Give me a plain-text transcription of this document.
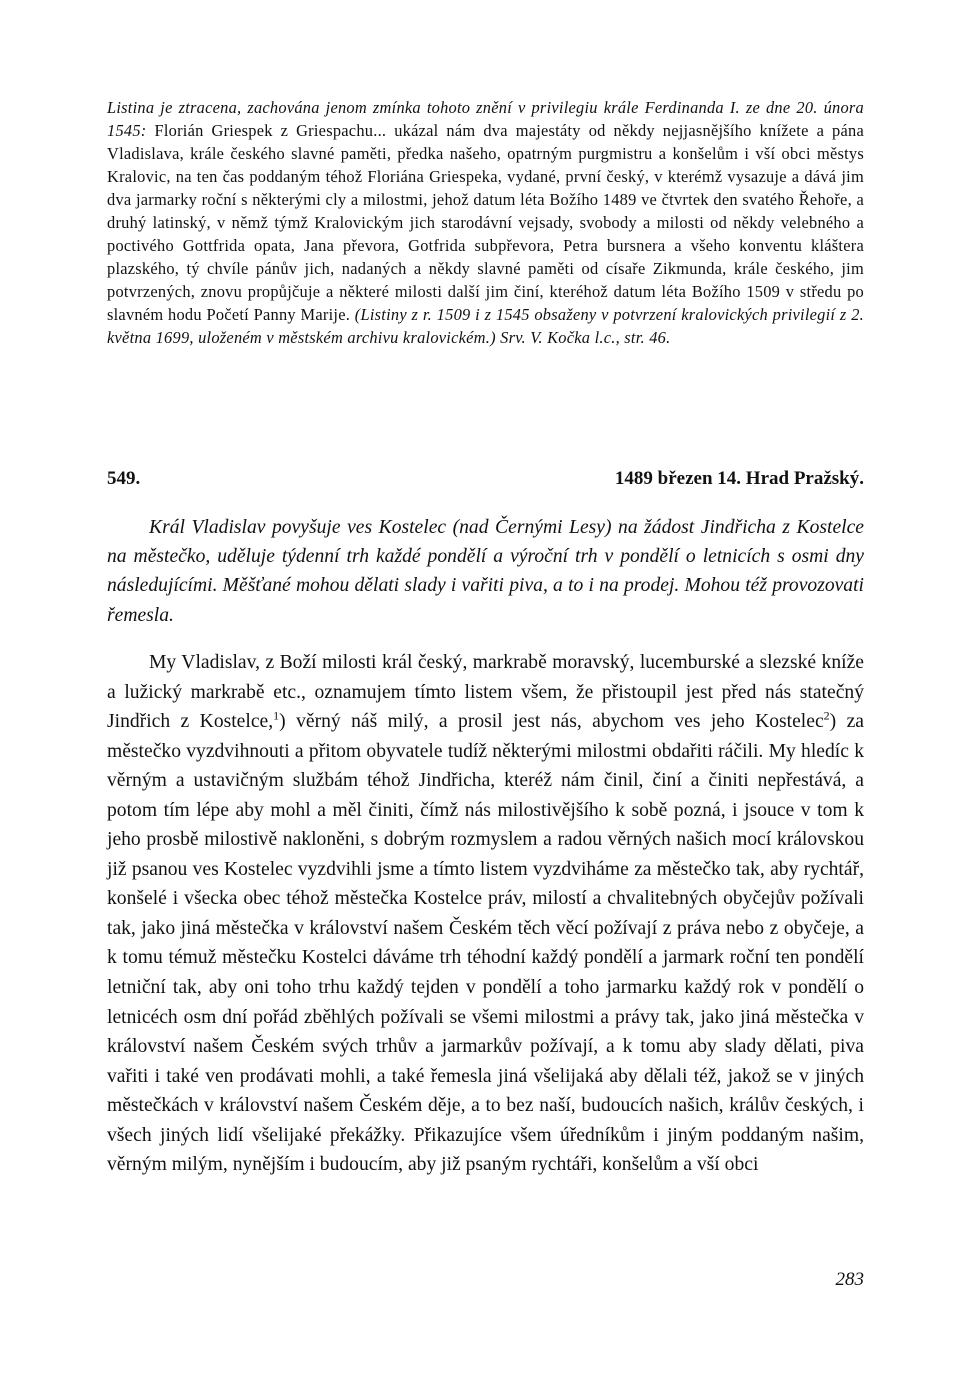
Listina je ztracena, zachována jenom zmínka tohoto znění v privilegiu krále Ferdinanda I. ze dne 20. února 1545: Florián Griespek z Griespachu... ukázal nám dva majestáty od někdy nejjasnějšího knížete a pána Vladislava, krále českého slavné paměti, předka našeho, opatrným purgmistru a konšelům i vší obci městys Kralovic, na ten čas poddaným téhož Floriána Griespeka, vydané, první český, v kterémž vysazuje a dává jim dva jarmarky roční s některými cly a milostmi, jehož datum léta Božího 1489 ve čtvrtek den svatého Řehoře, a druhý latinský, v němž týmž Kralovickým jich starodávní vejsady, svobody a milosti od někdy velebného a poctivého Gottfrida opata, Jana převora, Gotfrida subpřevora, Petra bursnera a všeho konventu kláštera plazského, tý chvíle pánův jich, nadaných a někdy slavné paměti od císaře Zikmunda, krále českého, jim potvrzených, znovu propůjčuje a některé milosti další jim činí, kteréhož datum léta Božího 1509 v středu po slavném hodu Početí Panny Marije. (Listiny z r. 1509 i z 1545 obsaženy v potvrzení kralovických privilegií z 2. května 1699, uloženém v městském archivu kralovickém.) Srv. V. Kočka l.c., str. 46.

549.	1489 březen 14. Hrad Pražský.

Král Vladislav povyšuje ves Kostelec (nad Černými Lesy) na žádost Jindřicha z Kostelce na městečko, uděluje týdenní trh každé pondělí a výroční trh v pondělí o letnicích s osmi dny následujícími. Měšťané mohou dělati slady i vařiti piva, a to i na prodej. Mohou též provozovati řemesla.

My Vladislav, z Boží milosti král český, markrabě moravský, lucemburské a slezské kníže a lužický markrabě etc., oznamujem tímto listem všem, že přistoupil jest před nás statečný Jindřich z Kostelce,$^1$) věrný náš milý, a prosil jest nás, abychom ves jeho Kostelec$^2$) za městečko vyzdvihnouti a přitom obyvatele tudíž některými milostmi obdařiti ráčili. My hledíc k věrným a ustavičným službám téhož Jindřicha, kteréž nám činil, činí a činiti nepřestává, a potom tím lépe aby mohl a měl činiti, čímž nás milostivějšího k sobě pozná, i jsouce v tom k jeho prosbě milostivě nakloněni, s dobrým rozmyslem a radou věrných našich mocí královskou již psanou ves Kostelec vyzdvihli jsme a tímto listem vyzdviháme za městečko tak, aby rychtář, konšelé i všecka obec téhož městečka Kostelce práv, milostí a chvalitebných obyčejův požívali tak, jako jiná městečka v království našem Českém těch věcí požívají z práva nebo z obyčeje, a k tomu témuž městečku Kostelci dáváme trh téhodní každý pondělí a jarmark roční ten pondělí letniční tak, aby oni toho trhu každý tejden v pondělí a toho jarmarku každý rok v pondělí o letnicéch osm dní pořád zběhlých požívali se všemi milostmi a právy tak, jako jiná městečka v království našem Českém svých trhův a jarmarkův požívají, a k tomu aby slady dělati, piva vařiti i také ven prodávati mohli, a také řemesla jiná všelijaká aby dělali též, jakož se v jiných městečkách v království našem Českém děje, a to bez naší, budoucích našich, králův českých, i všech jiných lidí všelijaké překážky. Přikazujíce všem úředníkům i jiným poddaným našim, věrným milým, nynějším i budoucím, aby již psaným rychtáři, konšelům a vší obci

283
